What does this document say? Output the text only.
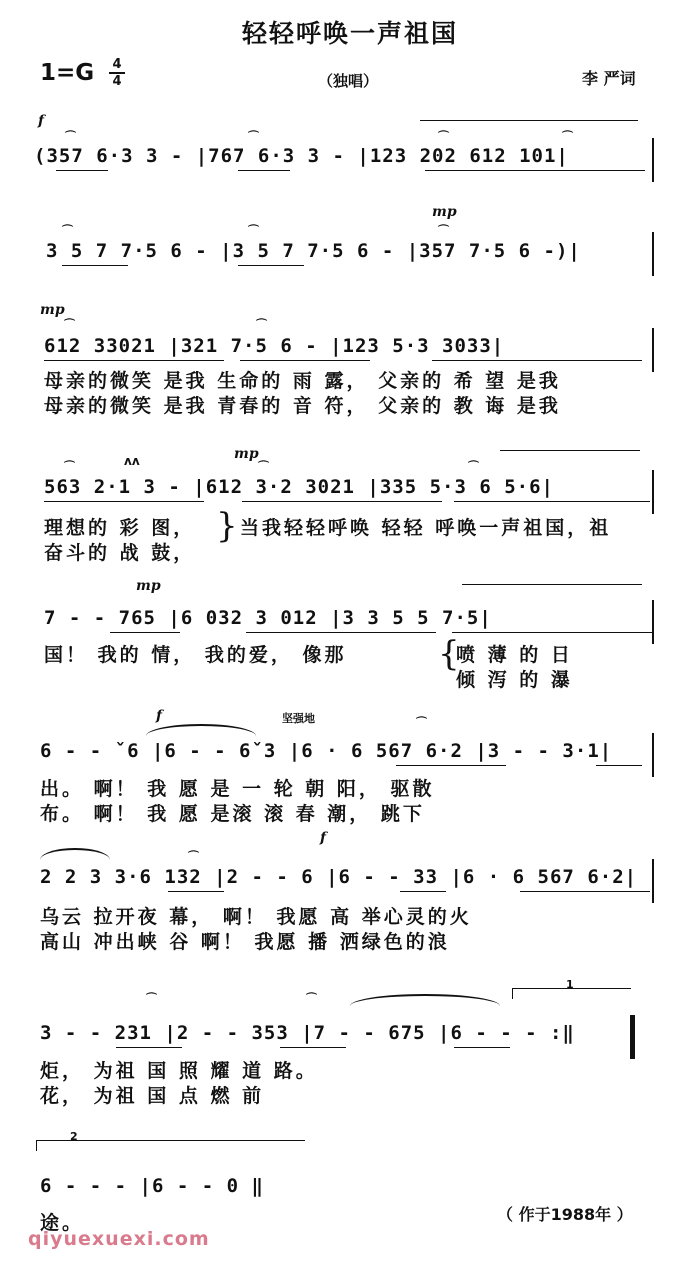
轻轻呼唤一声祖国
1=G	4
4	（独唱）	李 严词
f
⌒
⌒
⌒
⌒
(357 6·3 3 - |767 6·3 3 - |123 202 612 101|
⌒
⌒
⌒
mp
3 5 7 7·5 6 - |3 5 7 7·5 6 - |357 7·5 6 -)|
mp
⌒
⌒
612 33021 |321 7·5 6 - |123 5·3 3033|
母亲的微笑 是我 生命的 雨 露， 父亲的 希 望 是我
母亲的微笑 是我 青春的 音 符， 父亲的 教 诲 是我
⌒
ʌʌ	mp
⌒
⌒
563 2·1 3 - |612 3·2 3021 |335 5·3 6 5·6|
理想的 彩 图，
奋斗的 战 鼓，
} 当我轻轻呼唤 轻轻 呼唤一声祖国，祖
mp
7 - - 765 |6 032 3 012 |3 3 5 5 7·5|
国！ 我的 情， 我的爱， 像那	}
喷 薄 的 日
倾 泻 的 瀑
f	坚强地
⌒
6 - - ˇ6 |6 - - 6ˇ3 |6 · 6 567 6·2 |3 - - 3·1|
出。 啊！ 我 愿 是 一 轮 朝 阳， 驱散
布。 啊！ 我 愿 是滚 滚 春 潮， 跳下
f
⌒
2 2 3 3·6 132 |2 - - 6 |6 - - 33 |6 · 6 567 6·2|
乌云 拉开夜 幕， 啊！ 我愿 高 举心灵的火
高山 冲出峡 谷 啊！ 我愿 播 洒绿色的浪
⌒
⌒
1
3 - - 231 |2 - - 353 |7 - - 675 |6 - - - :‖
炬， 为祖 国 照 耀 道 路。
花， 为祖 国 点 燃 前
2
6 - - - |6 - - 0 ‖
途。	（ 作于1988年 ）
qiyuexuexi.com
